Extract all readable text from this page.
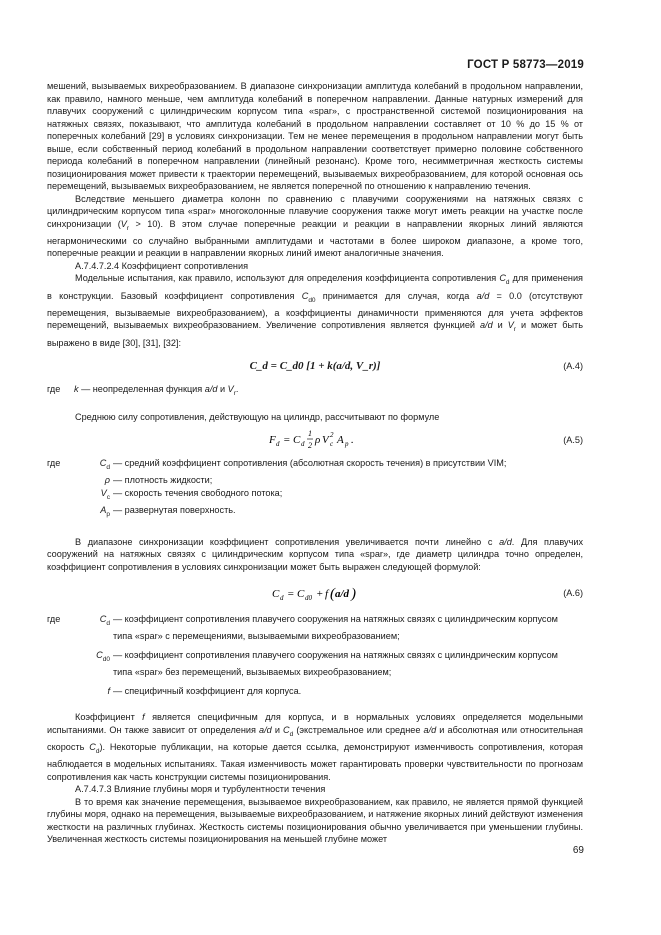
ГОСТ Р 58773—2019

мешений, вызываемых вихреобразованием. В диапазоне синхронизации амплитуда колебаний в продольном направлении, как правило, намного меньше, чем амплитуда колебаний в поперечном направлении. Данные натурных измерений для плавучих сооружений с цилиндрическим корпусом типа «spar», с пространственной системой позиционирования на натяжных связях, показывают, что амплитуда колебаний в продольном направлении составляет от 10 % до 15 % от поперечных колебаний [29] в условиях синхронизации. Тем не менее перемещения в продольном направлении могут быть выше, если собственный период колебаний в продольном направлении соответствует примерно половине собственного периода колебаний в поперечном направлении (линейный резонанс). Кроме того, несимметричная жесткость системы позиционирования может привести к траектории перемещений, вызываемых вихреобразованием, для которой основная ось перемещений, вызываемых вихреобразованием, не является поперечной по отношению к направлению течения.

Вследствие меньшего диаметра колонн по сравнению с плавучими сооружениями на натяжных связях с цилиндрическим корпусом типа «spar» многоколонные плавучие сооружения также могут иметь реакции на участке после синхронизации $(V_r > 10)$. В этом случае поперечные реакции и реакции в направлении якорных линий являются негармоническими со случайно выбранными амплитудами и частотами в более широком диапазоне, а кроме того, поперечные реакции и реакции в направлении якорных линий имеют аналогичные значения.

А.7.4.7.2.4 Коэффициент сопротивления

Модельные испытания, как правило, используют для определения коэффициента сопротивления $C_d$ для применения в конструкции. Базовый коэффициент сопротивления $C_{d0}$ принимается для случая, когда a/d = 0.0 (отсутствуют перемещения, вызываемые вихреобразованием), а коэффициенты динамичности применяются для учета эффектов перемещений, вызываемых вихреобразованием. Увеличение сопротивления является функцией a/d и $V_r$ и может быть выражено в виде [30], [31], [32]:

C_d = C_d0 [1 + k(a/d, V_r)]	(А.4)

где	k — неопределенная функция a/d и $V_r$.

Среднюю силу сопротивления, действующую на цилиндр, рассчитывают по формуле

F d = C d
1
2 ρ V 2
c A p .	(А.5)

где	$C_d$ — средний коэффициент сопротивления (абсолютная скорость течения) в присутствии VIM;

ρ — плотность жидкости;

$V_c$ — скорость течения свободного потока;

$A_p$ — развернутая поверхность.

В диапазоне синхронизации коэффициент сопротивления увеличивается почти линейно с a/d. Для плавучих сооружений на натяжных связях с цилиндрическим корпусом типа «spar», где диаметр цилиндра точно определен, коэффициент сопротивления в условиях синхронизации может быть выражен следующей формулой:

C d = C d0 + f ( a/d )	(А.6)

где	$C_d$ — коэффициент сопротивления плавучего сооружения на натяжных связях с цилиндрическим корпусом

типа «spar» с перемещениями, вызываемыми вихреобразованием;

$C_{d0}$ — коэффициент сопротивления плавучего сооружения на натяжных связях с цилиндрическим корпусом

типа «spar» без перемещений, вызываемых вихреобразованием;

f — специфичный коэффициент для корпуса.

Коэффициент f является специфичным для корпуса, и в нормальных условиях определяется модельными испытаниями. Он также зависит от определения a/d и $C_d$ (экстремальное или среднее a/d и абсолютная или относительная скорость $C_d$). Некоторые публикации, на которые дается ссылка, демонстрируют изменчивость сопротивления, которая наблюдается в модельных испытаниях. Такая изменчивость может гарантировать проверки чувствительности по прогнозам сопротивления как часть конструкции системы позиционирования.

А.7.4.7.3 Влияние глубины моря и турбулентности течения

В то время как значение перемещения, вызываемое вихреобразованием, как правило, не является прямой функцией глубины моря, однако на перемещения, вызываемые вихреобразованием, и натяжение якорных линий действуют изменения жесткости на различных глубинах. Жесткость системы позиционирования обычно увеличивается при уменьшении глубины. Увеличенная жесткость системы позиционирования на меньшей глубине может

69
